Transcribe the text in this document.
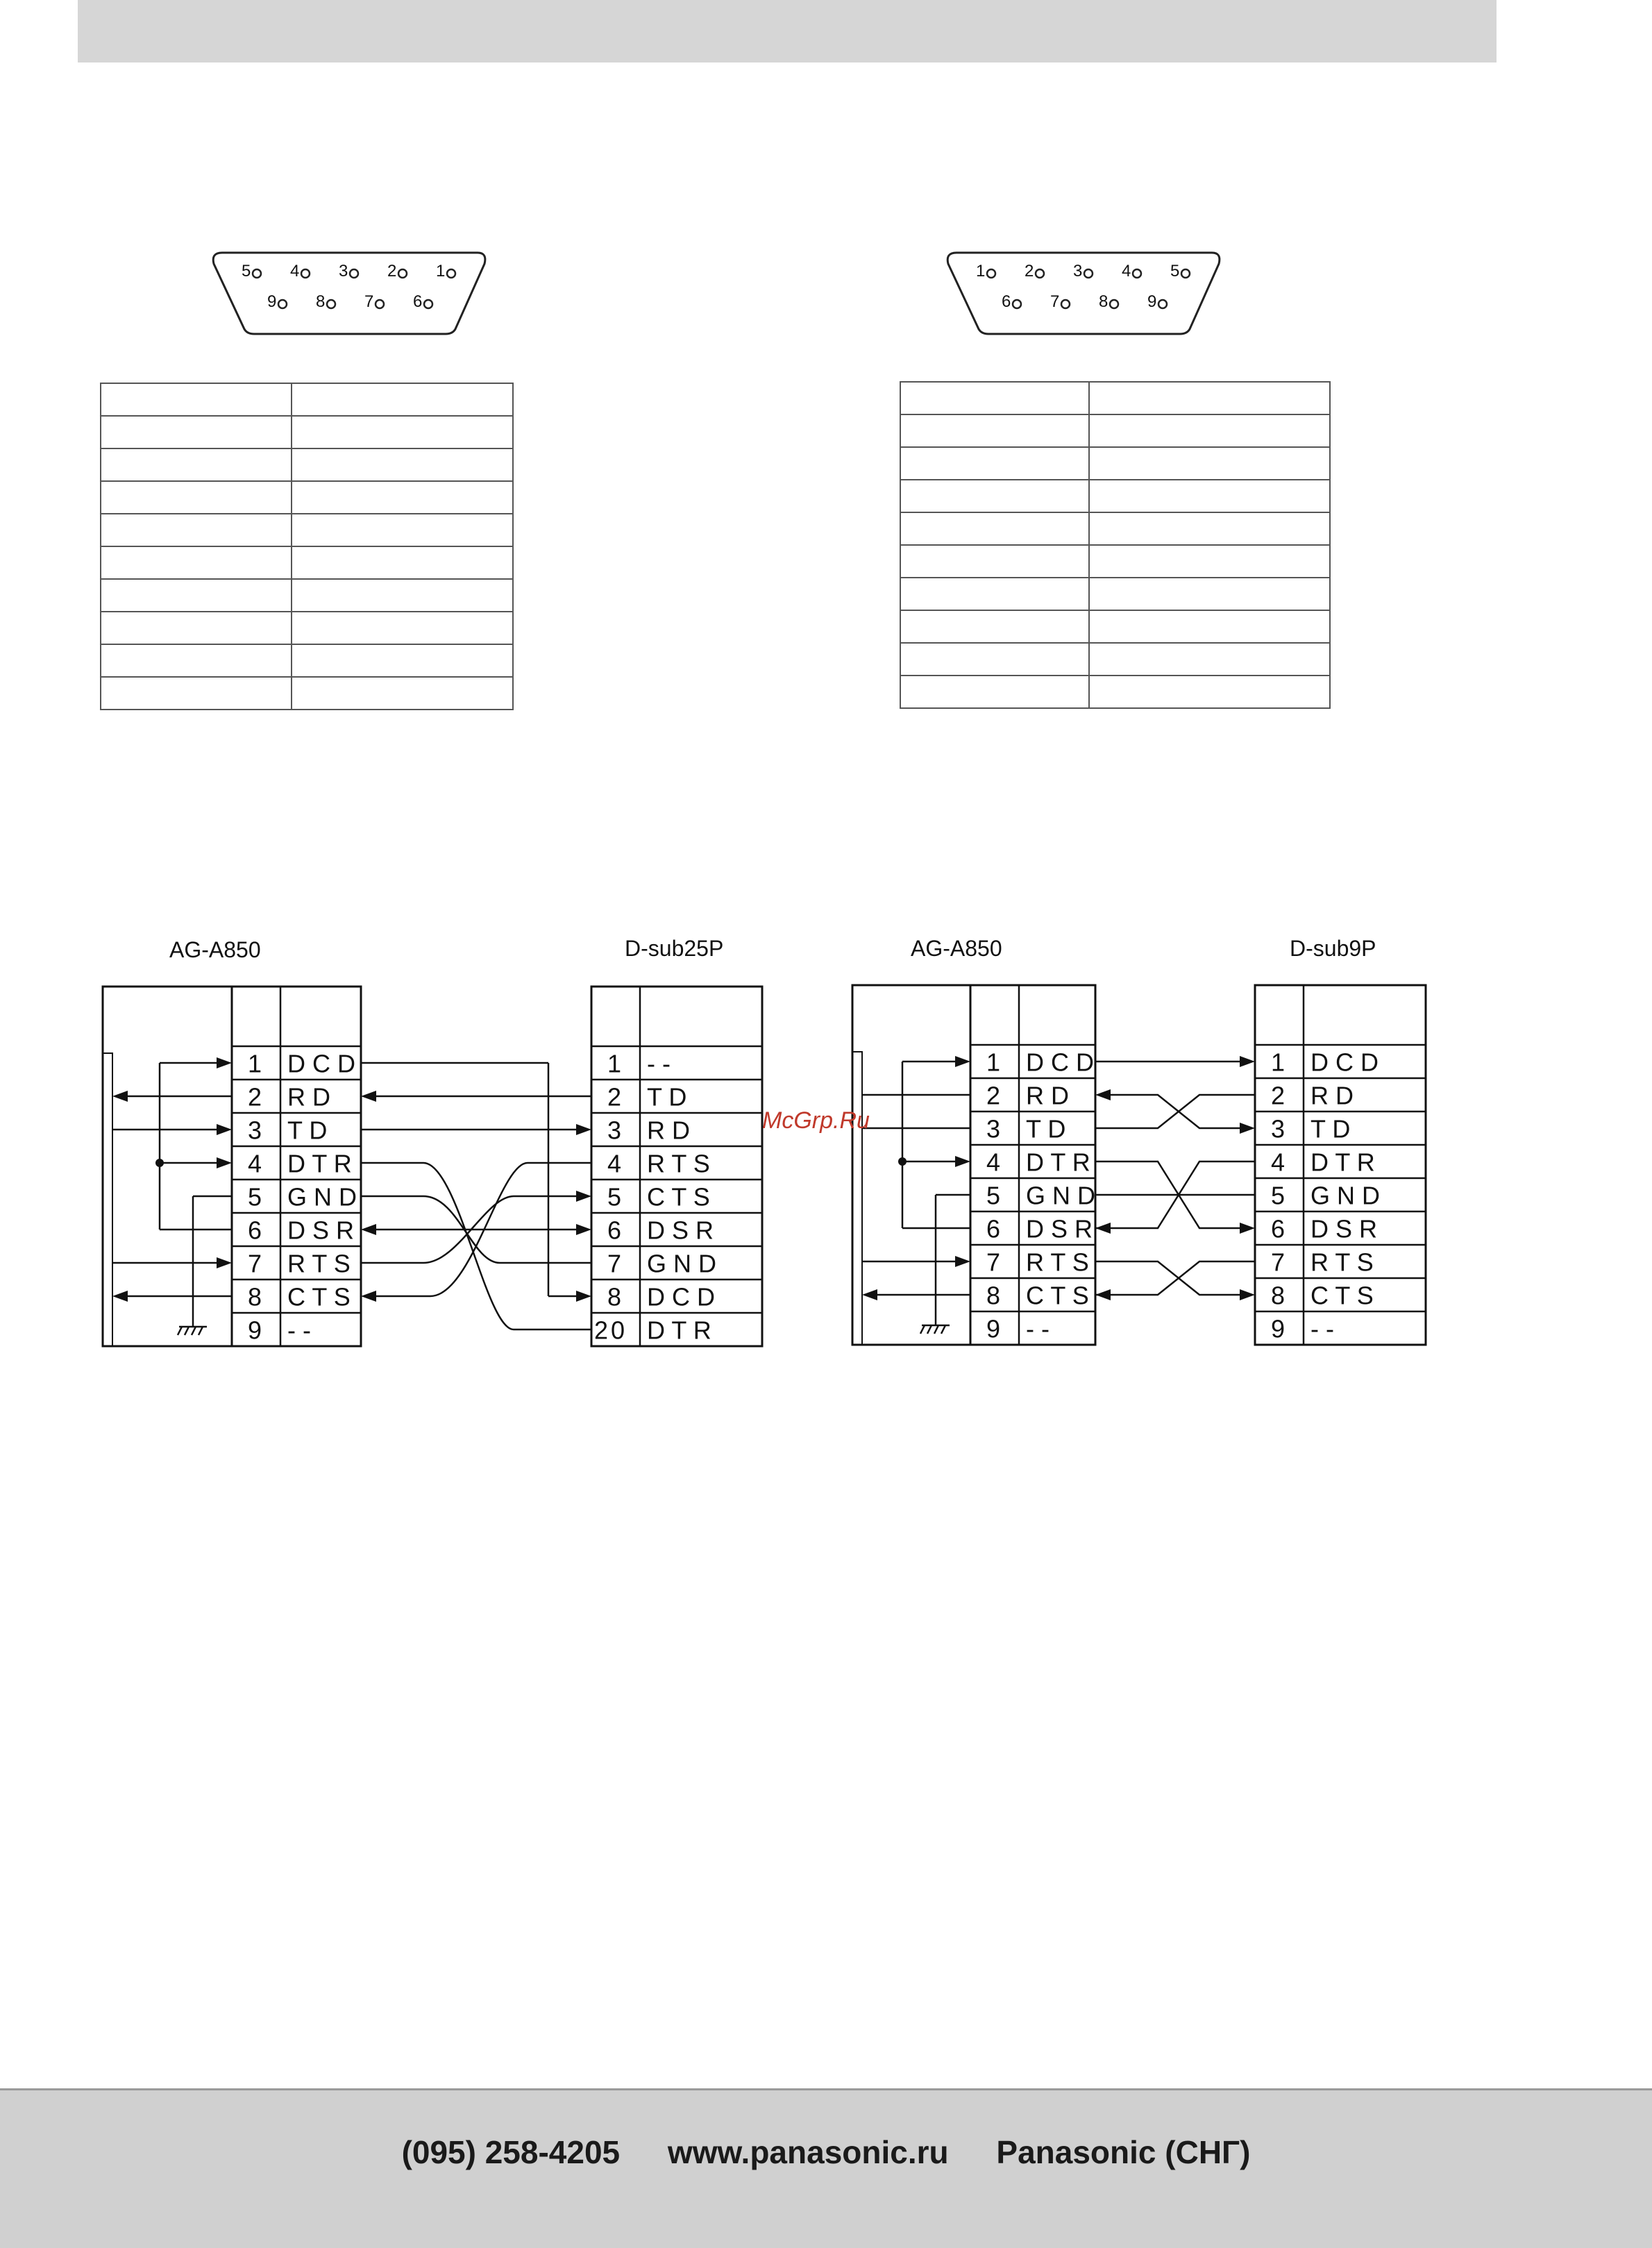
5 4 3 2 1
9 8 7 6
1 2 3 4 5
6 7 8 9

AG-A850	D-sub25P	AG-A850	D-sub9P
1 D C D
2 R D
3 T D
4 D T R
5 G N D
6 D S R
7 R T S
8 C T S
9 - -
1 - -
2 T D
3 R D
4 R T S
5 C T S
6 D S R
7 G N D
8 D C D
20 D T R
1 D C D
2 R D
3 T D
4 D T R
5 G N D
6 D S R
7 R T S
8 C T S
9 - -
1 D C D
2 R D
3 T D
4 D T R
5 G N D
6 D S R
7 R T S
8 C T S
9 - -
McGrp.Ru
(095) 258-4205 www.panasonic.ru Panasonic (СНГ)
